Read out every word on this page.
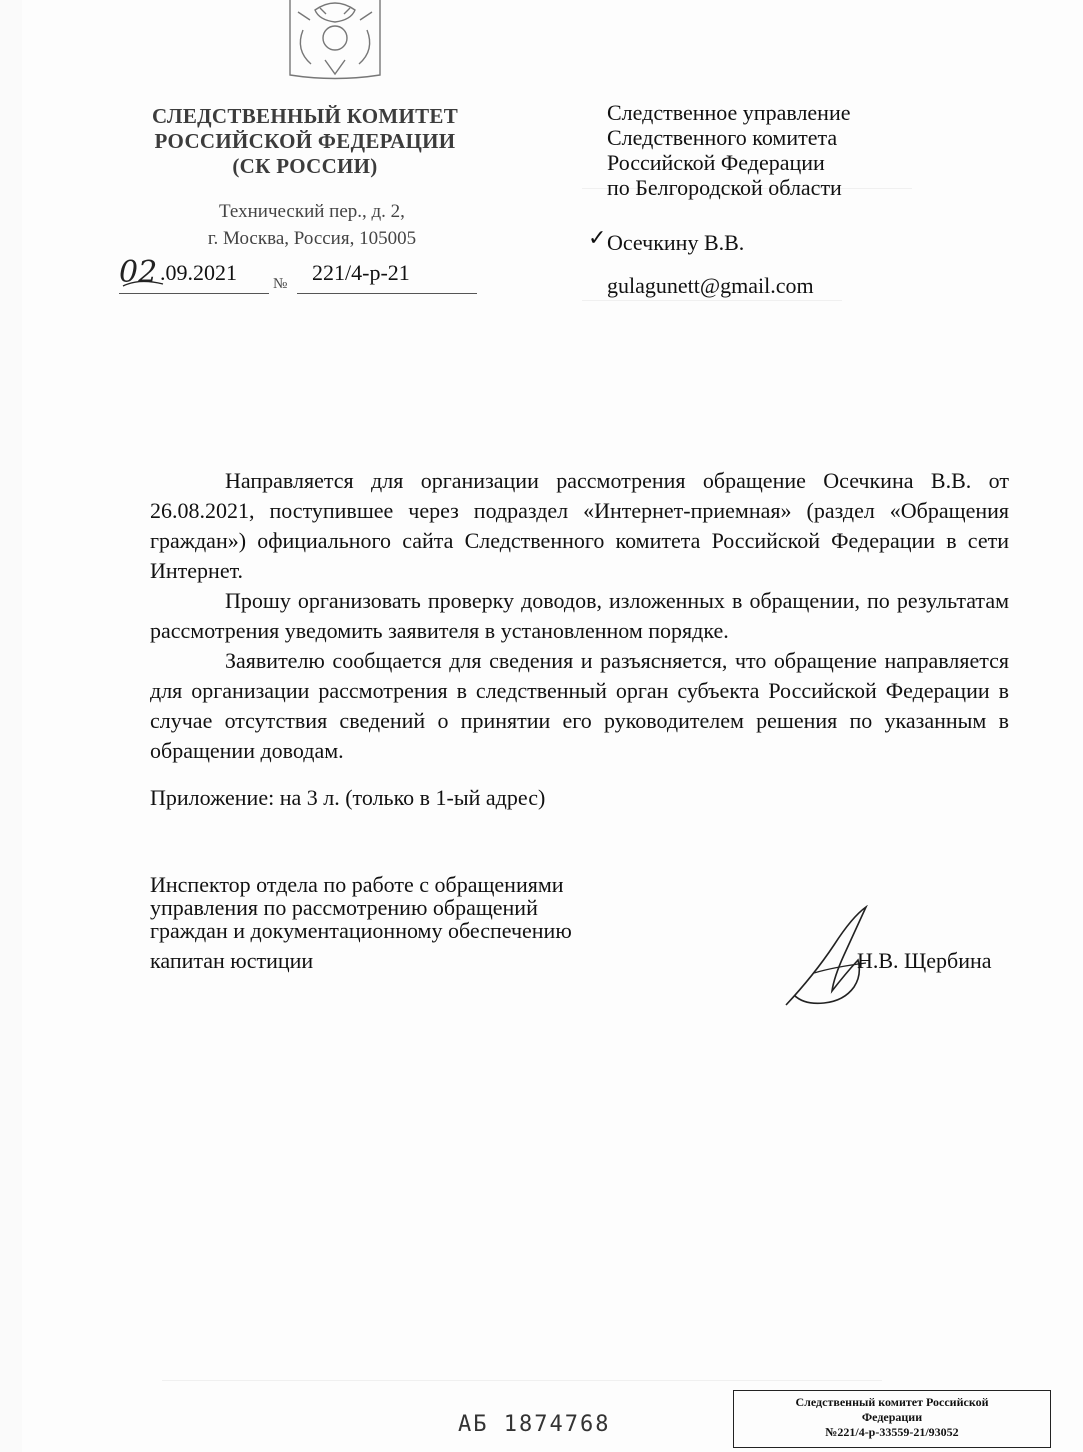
СЛЕДСТВЕННЫЙ КОМИТЕТ
РОССИЙСКОЙ ФЕДЕРАЦИИ
(СК РОССИИ)
Технический пер., д. 2,
г. Москва, Россия, 105005
02 .09.2021 № 221/4-р-21
Следственное управление
Следственного комитета
Российской Федерации
по Белгородской области
✓ Осечкину В.В.
gulagunett@gmail.com

Направляется для организации рассмотрения обращение Осечкина В.В. от 26.08.2021, поступившее через подраздел «Интернет-приемная» (раздел «Обращения граждан») официального сайта Следственного комитета Российской Федерации в сети Интернет.

Прошу организовать проверку доводов, изложенных в обращении, по результатам рассмотрения уведомить заявителя в установленном порядке.

Заявителю сообщается для сведения и разъясняется, что обращение направляется для организации рассмотрения в следственный орган субъекта Российской Федерации в случае отсутствия сведений о принятии его руководителем решения по указанным в обращении доводам.

Приложение: на 3 л. (только в 1-ый адрес)
Инспектор отдела по работе с обращениями
управления по рассмотрению обращений
граждан и документационному обеспечению
капитан юстиции	Н.В. Щербина
АБ 1874768

Следственный комитет Российской

Федерации

№221/4-р-33559-21/93052
